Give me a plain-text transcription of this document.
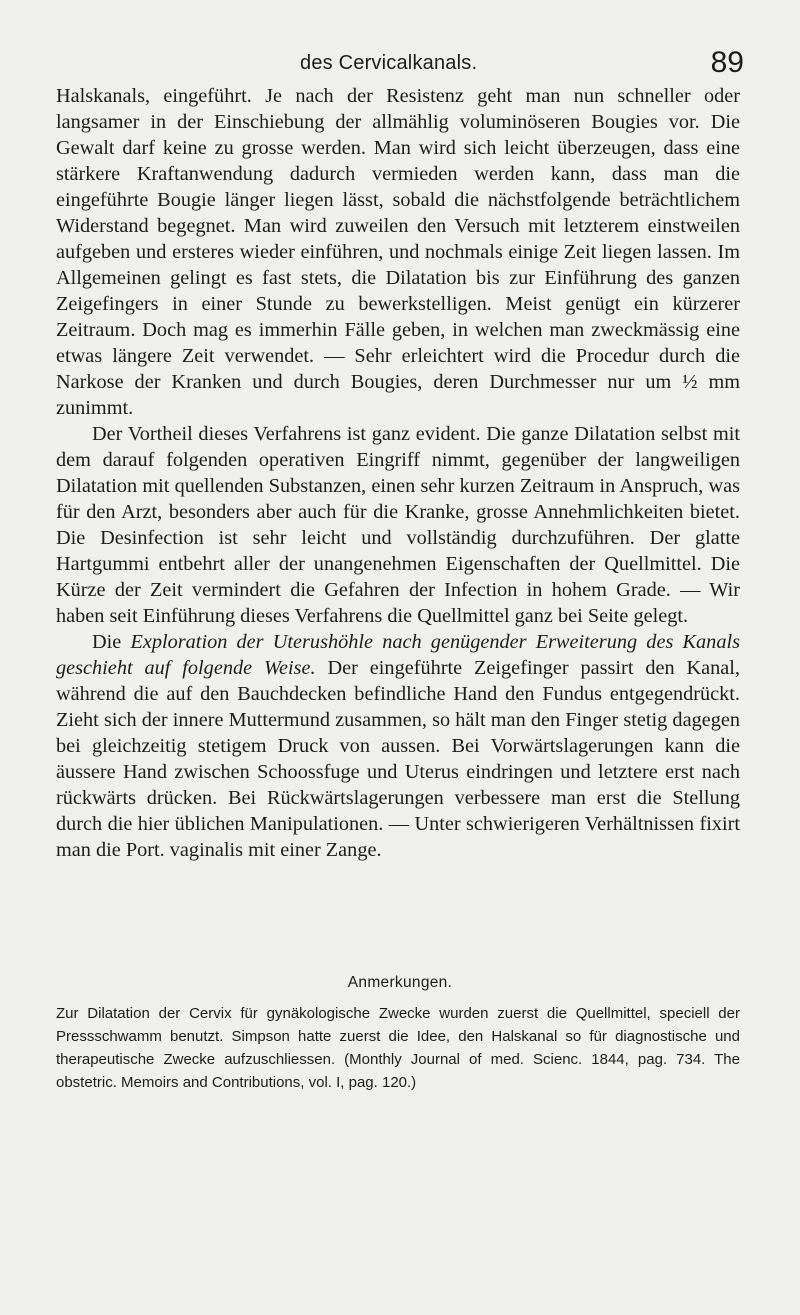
des Cervicalkanals.	89

Halskanals, eingeführt. Je nach der Resistenz geht man nun schneller oder langsamer in der Einschiebung der allmählig voluminöseren Bougies vor. Die Gewalt darf keine zu grosse werden. Man wird sich leicht überzeugen, dass eine stärkere Kraftanwendung dadurch vermieden werden kann, dass man die eingeführte Bougie länger liegen lässt, sobald die nächstfolgende beträchtlichem Widerstand begegnet. Man wird zuweilen den Versuch mit letzterem einstweilen aufgeben und ersteres wieder einführen, und nochmals einige Zeit liegen lassen. Im Allgemeinen gelingt es fast stets, die Dilatation bis zur Einführung des ganzen Zeigefingers in einer Stunde zu bewerkstelligen. Meist genügt ein kürzerer Zeitraum. Doch mag es immerhin Fälle geben, in welchen man zweckmässig eine etwas längere Zeit verwendet. — Sehr erleichtert wird die Procedur durch die Narkose der Kranken und durch Bougies, deren Durchmesser nur um ½ mm zunimmt.

Der Vortheil dieses Verfahrens ist ganz evident. Die ganze Dilatation selbst mit dem darauf folgenden operativen Eingriff nimmt, gegenüber der langweiligen Dilatation mit quellenden Substanzen, einen sehr kurzen Zeitraum in Anspruch, was für den Arzt, besonders aber auch für die Kranke, grosse Annehmlichkeiten bietet. Die Desinfection ist sehr leicht und vollständig durchzuführen. Der glatte Hartgummi entbehrt aller der unangenehmen Eigenschaften der Quellmittel. Die Kürze der Zeit vermindert die Gefahren der Infection in hohem Grade. — Wir haben seit Einführung dieses Verfahrens die Quellmittel ganz bei Seite gelegt.

Die Exploration der Uterushöhle nach genügender Erweiterung des Kanals geschieht auf folgende Weise. Der eingeführte Zeigefinger passirt den Kanal, während die auf den Bauchdecken befindliche Hand den Fundus entgegendrückt. Zieht sich der innere Muttermund zusammen, so hält man den Finger stetig dagegen bei gleichzeitig stetigem Druck von aussen. Bei Vorwärtslagerungen kann die äussere Hand zwischen Schoossfuge und Uterus eindringen und letztere erst nach rückwärts drücken. Bei Rückwärtslagerungen verbessere man erst die Stellung durch die hier üblichen Manipulationen. — Unter schwierigeren Verhältnissen fixirt man die Port. vaginalis mit einer Zange.

Anmerkungen.

Zur Dilatation der Cervix für gynäkologische Zwecke wurden zuerst die Quellmittel, speciell der Pressschwamm benutzt. Simpson hatte zuerst die Idee, den Halskanal so für diagnostische und therapeutische Zwecke aufzuschliessen. (Monthly Journal of med. Scienc. 1844, pag. 734. The obstetric. Memoirs and Contributions, vol. I, pag. 120.)
